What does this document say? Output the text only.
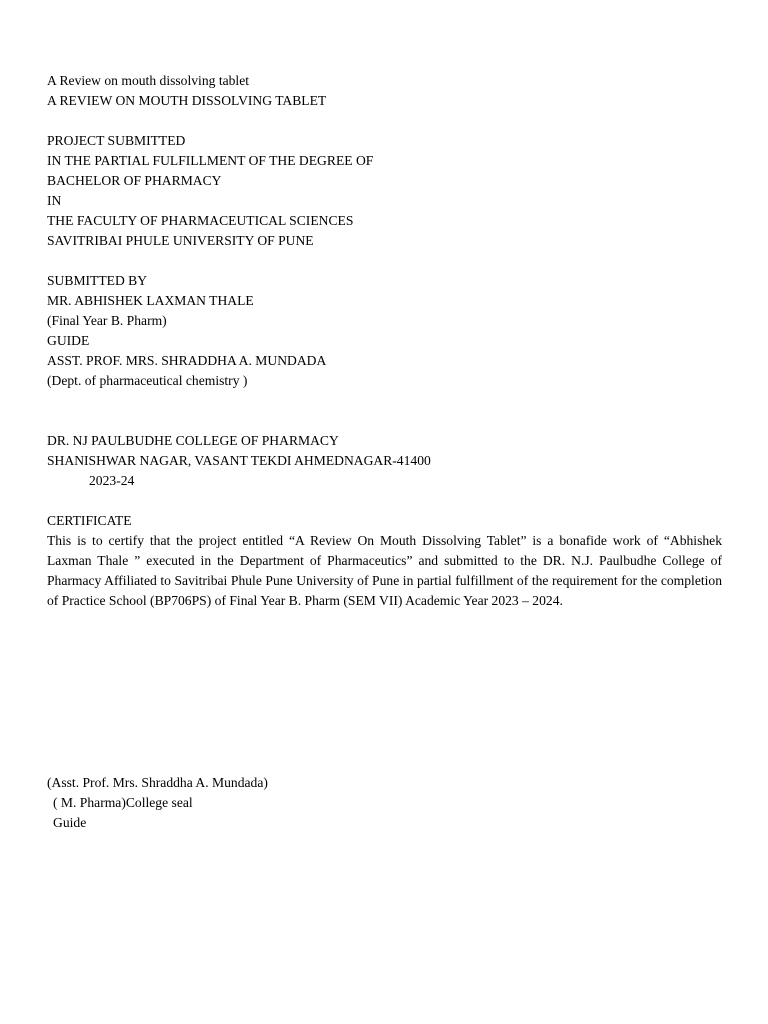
A Review on mouth dissolving tablet
A REVIEW ON MOUTH DISSOLVING TABLET
PROJECT SUBMITTED
IN THE PARTIAL FULFILLMENT OF THE DEGREE OF
BACHELOR OF PHARMACY
IN
THE FACULTY OF PHARMACEUTICAL SCIENCES
SAVITRIBAI PHULE UNIVERSITY OF PUNE
SUBMITTED BY
MR. ABHISHEK LAXMAN THALE
(Final Year B. Pharm)
GUIDE
ASST. PROF. MRS. SHRADDHA A. MUNDADA
(Dept. of pharmaceutical chemistry )
DR. NJ PAULBUDHE COLLEGE OF PHARMACY
SHANISHWAR NAGAR, VASANT TEKDI AHMEDNAGAR-41400
2023-24
CERTIFICATE
This is to certify that the project entitled “A Review On Mouth Dissolving Tablet” is a bonafide work of “Abhishek Laxman Thale ” executed in the Department of Pharmaceutics” and submitted to the DR. N.J. Paulbudhe College of Pharmacy Affiliated to Savitribai Phule Pune University of Pune in partial fulfillment of the requirement for the completion of Practice School (BP706PS) of Final Year B. Pharm (SEM VII) Academic Year 2023 – 2024.
(Asst. Prof. Mrs. Shraddha A. Mundada)
( M. Pharma)College seal
Guide
